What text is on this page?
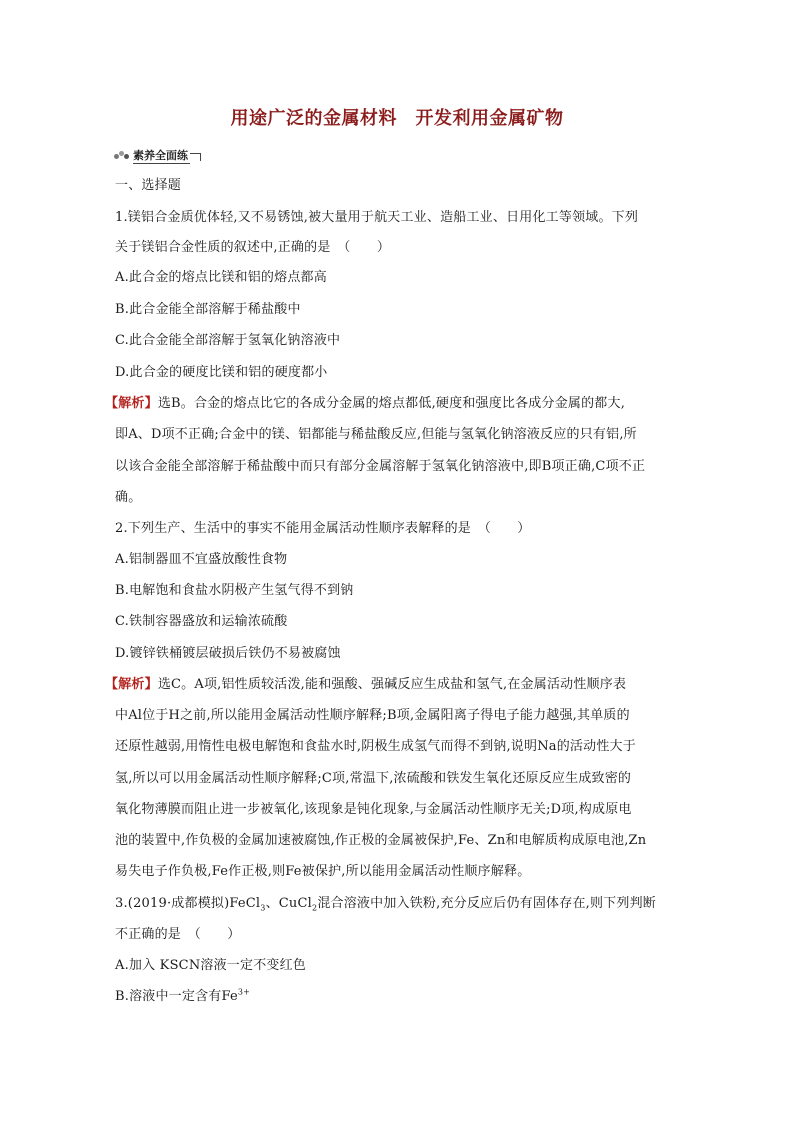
用途广泛的金属材料　开发利用金属矿物
素养全面练
一、选择题
1.镁铝合金质优体轻,又不易锈蚀,被大量用于航天工业、造船工业、日用化工等领域。下列
关于镁铝合金性质的叙述中,正确的是　（　　）
A.此合金的熔点比镁和铝的熔点都高
B.此合金能全部溶解于稀盐酸中
C.此合金能全部溶解于氢氧化钠溶液中
D.此合金的硬度比镁和铝的硬度都小
【解析】选B。合金的熔点比它的各成分金属的熔点都低,硬度和强度比各成分金属的都大,
即A、D项不正确;合金中的镁、铝都能与稀盐酸反应,但能与氢氧化钠溶液反应的只有铝,所
以该合金能全部溶解于稀盐酸中而只有部分金属溶解于氢氧化钠溶液中,即B项正确,C项不正
确。
2.下列生产、生活中的事实不能用金属活动性顺序表解释的是　（　　）
A.铝制器皿不宜盛放酸性食物
B.电解饱和食盐水阴极产生氢气得不到钠
C.铁制容器盛放和运输浓硫酸
D.镀锌铁桶镀层破损后铁仍不易被腐蚀
【解析】选C。A项,铝性质较活泼,能和强酸、强碱反应生成盐和氢气,在金属活动性顺序表
中Al位于H之前,所以能用金属活动性顺序解释;B项,金属阳离子得电子能力越强,其单质的
还原性越弱,用惰性电极电解饱和食盐水时,阴极生成氢气而得不到钠,说明Na的活动性大于
氢,所以可以用金属活动性顺序解释;C项,常温下,浓硫酸和铁发生氧化还原反应生成致密的
氧化物薄膜而阻止进一步被氧化,该现象是钝化现象,与金属活动性顺序无关;D项,构成原电
池的装置中,作负极的金属加速被腐蚀,作正极的金属被保护,Fe、Zn和电解质构成原电池,Zn
易失电子作负极,Fe作正极,则Fe被保护,所以能用金属活动性顺序解释。
3.(2019·成都模拟)FeCl$_3$、CuCl$_2$混合溶液中加入铁粉,充分反应后仍有固体存在,则下列判断
不正确的是　（　　）
A.加入 KSCN溶液一定不变红色
B.溶液中一定含有$Fe^{3+}$
